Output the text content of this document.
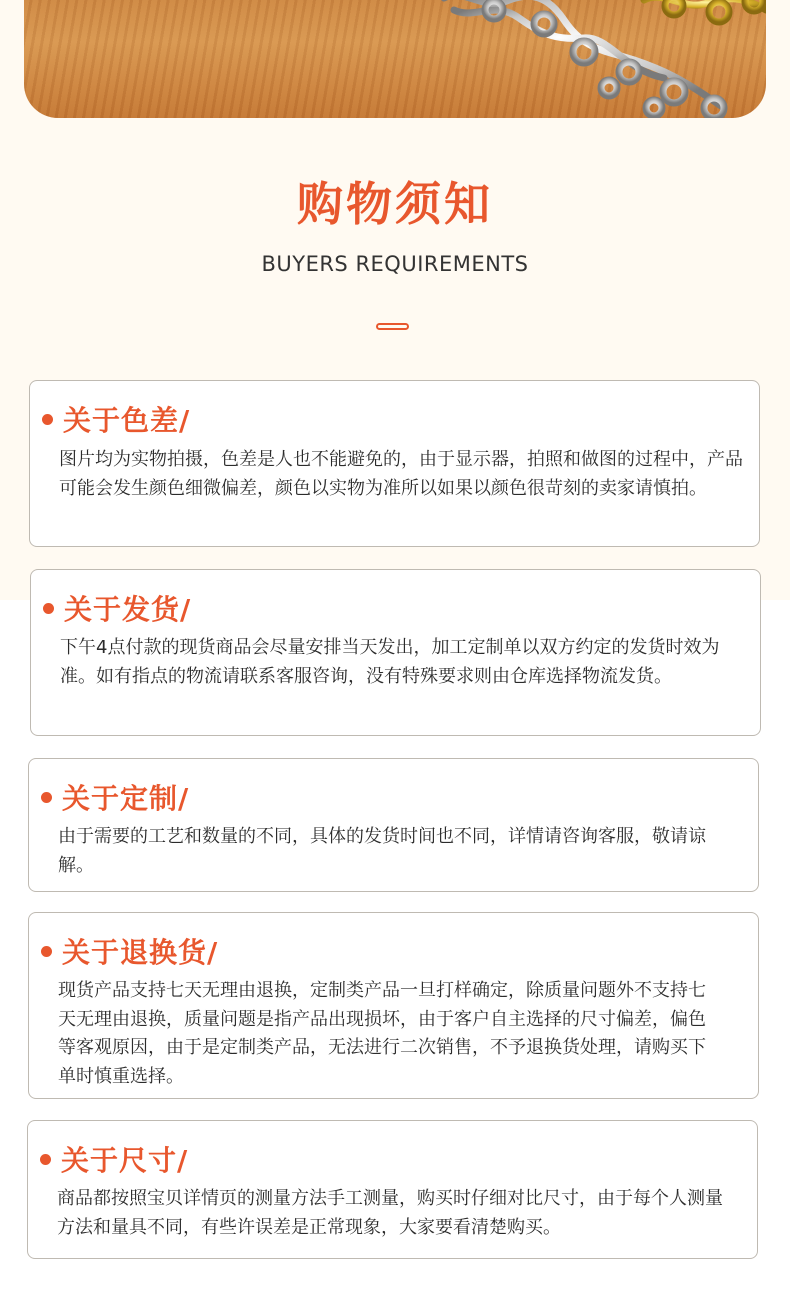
购物须知
BUYERS REQUIREMENTS
关于色差/
图片均为实物拍摄，色差是人也不能避免的，由于显示器，拍照和做图的过程中，产品可能会发生颜色细微偏差，颜色以实物为准所以如果以颜色很苛刻的卖家请慎拍。
关于发货/
下午4点付款的现货商品会尽量安排当天发出，加工定制单以双方约定的发货时效为准。如有指点的物流请联系客服咨询，没有特殊要求则由仓库选择物流发货。
关于定制/
由于需要的工艺和数量的不同，具体的发货时间也不同，详情请咨询客服，敬请谅解。
关于退换货/
现货产品支持七天无理由退换，定制类产品一旦打样确定，除质量问题外不支持七天无理由退换，质量问题是指产品出现损坏，由于客户自主选择的尺寸偏差，偏色等客观原因，由于是定制类产品，无法进行二次销售，不予退换货处理，请购买下单时慎重选择。
关于尺寸/
商品都按照宝贝详情页的测量方法手工测量，购买时仔细对比尺寸，由于每个人测量方法和量具不同，有些许误差是正常现象，大家要看清楚购买。
